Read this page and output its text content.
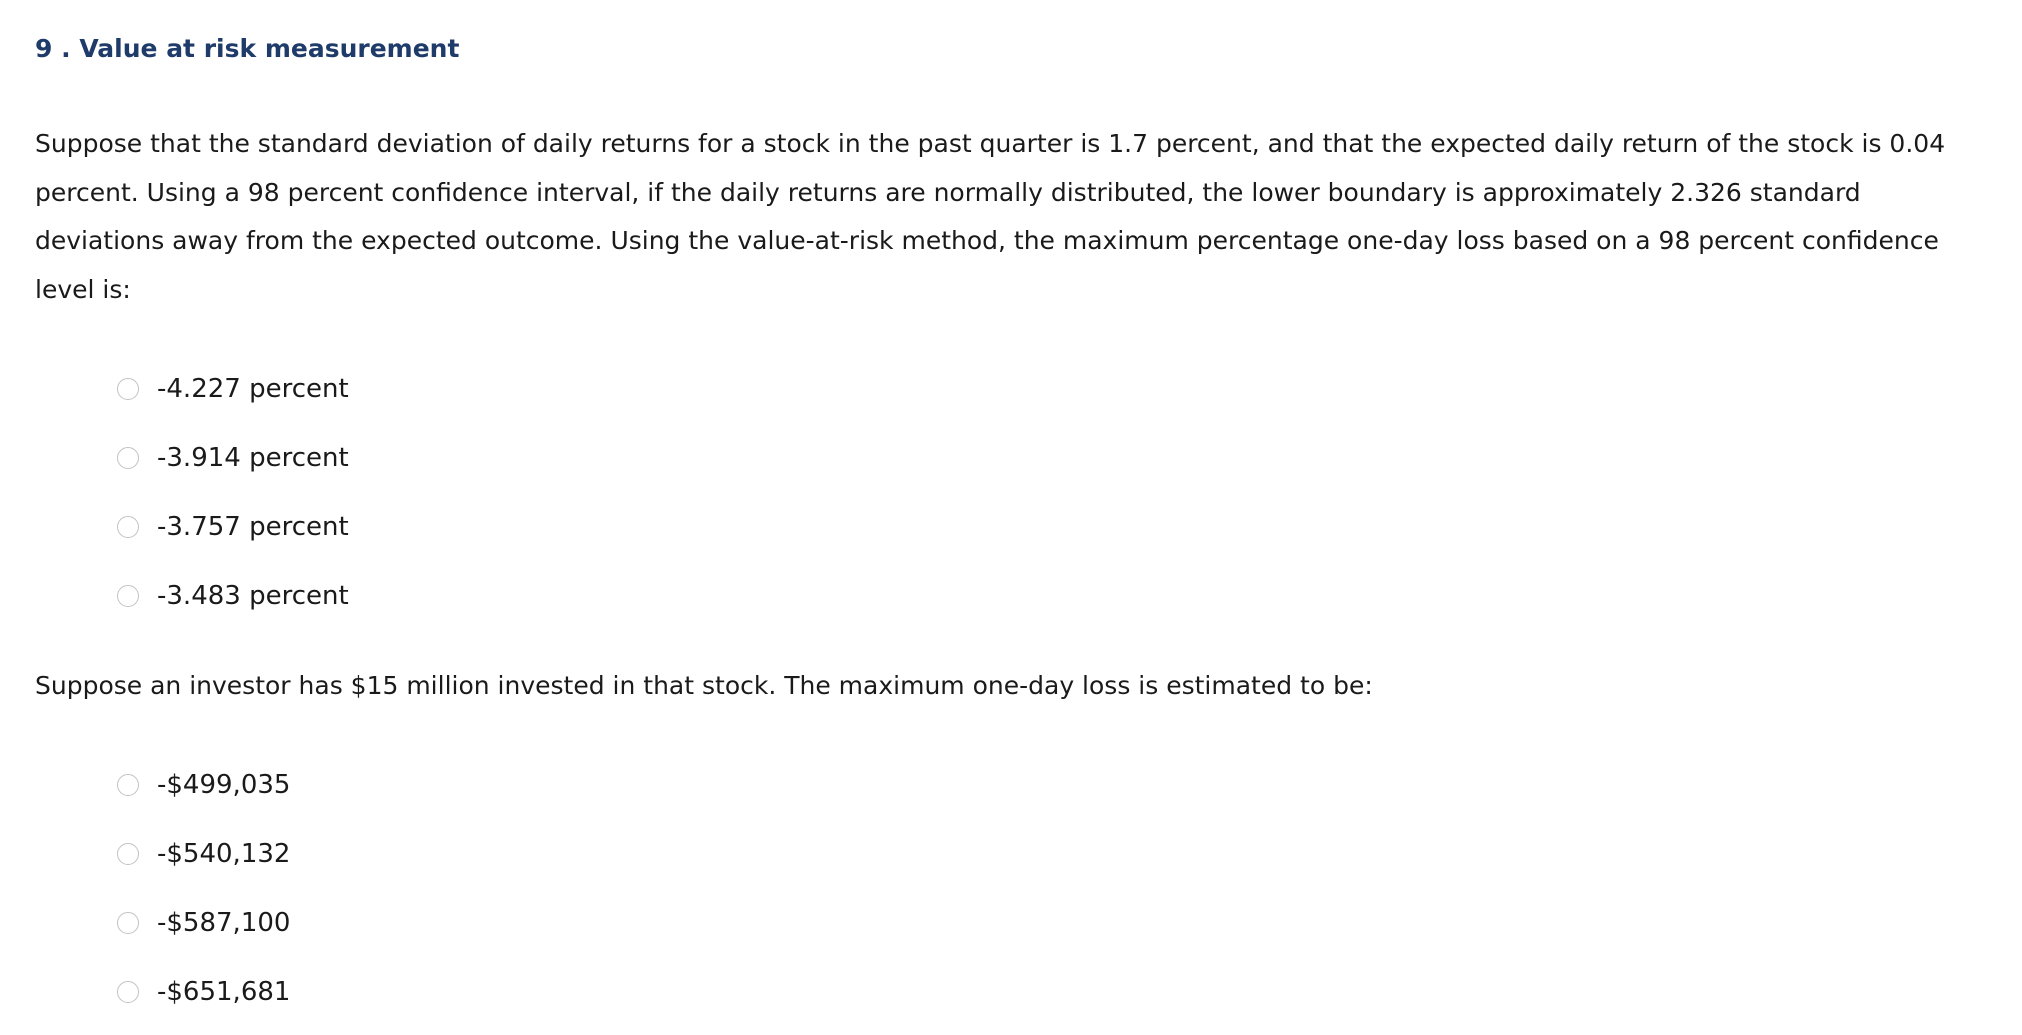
9 . Value at risk measurement

Suppose that the standard deviation of daily returns for a stock in the past quarter is 1.7 percent, and that the expected daily return of the stock is 0.04 percent. Using a 98 percent confidence interval, if the daily returns are normally distributed, the lower boundary is approximately 2.326 standard deviations away from the expected outcome. Using the value-at-risk method, the maximum percentage one-day loss based on a 98 percent confidence level is:

-4.227 percent
-3.914 percent
-3.757 percent
-3.483 percent

Suppose an investor has $15 million invested in that stock. The maximum one-day loss is estimated to be:

-$499,035
-$540,132
-$587,100
-$651,681
